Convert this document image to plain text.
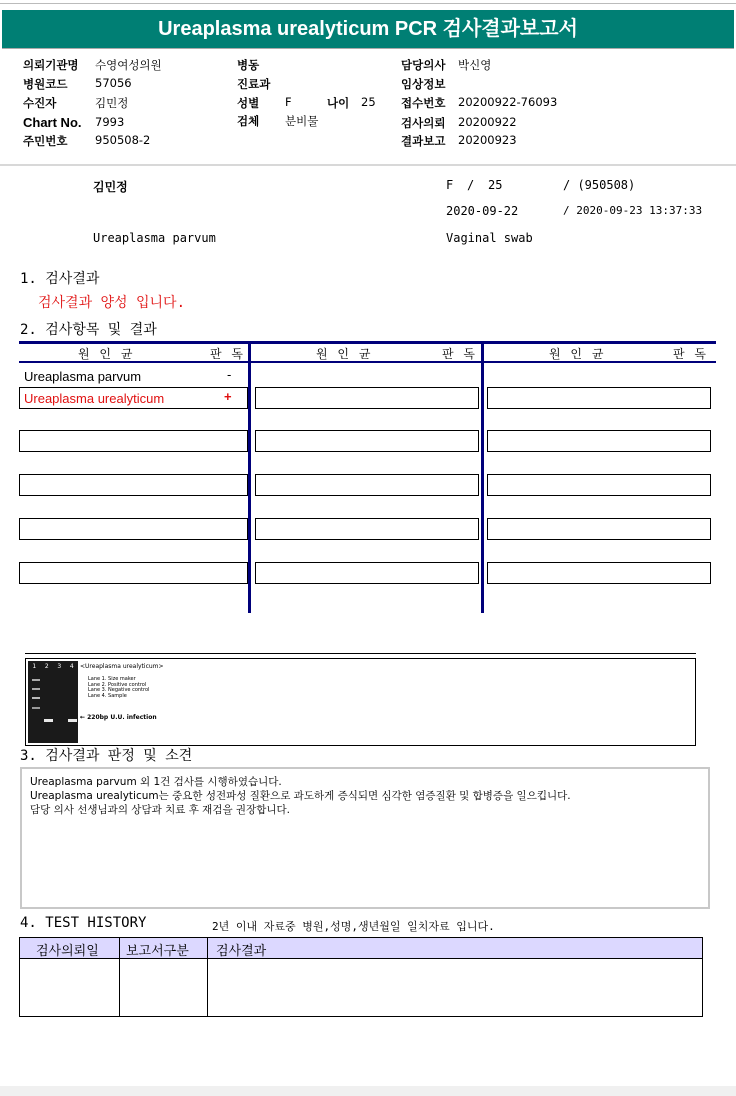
Ureaplasma urealyticum PCR 검사결과보고서
의뢰기관명 수영여성의원
병원코드 57056
수진자	김민정
Chart No. 7993
주민번호 950508-2
병동
진료과
성별 F	나이 25
검체 분비물
담당의사 박신영
임상정보
접수번호 20200922-76093
검사의뢰 20200922
결과보고 20200923
김민정	F / 25	/ (950508)
2020-09-22	/ 2020-09-23 13:37:33
Ureaplasma parvum	Vaginal swab
1. 검사결과
검사결과 양성 입니다.
2. 검사항목 및 결과
원 인 균	판 독	원 인 균	판 독	원 인 균	판 독
Ureaplasma parvum	-
Ureaplasma urealyticum	+
1 2 3 4 <Ureaplasma urealyticum>
Lane 1. Size maker
Lane 2. Positive control
Lane 3. Negative control
Lane 4. Sample
← 220bp U.U. infection
3. 검사결과 판정 및 소견
Ureaplasma parvum 외 1건 검사를 시행하였습니다.
Ureaplasma urealyticum는 중요한 성전파성 질환으로 과도하게 증식되면 심각한 염증질환 및 합병증을 일으킵니다.
담당 의사 선생님과의 상담과 치료 후 재검을 권장합니다.
4. TEST HISTORY	2년 이내 자료중 병원,성명,생년월일 일치자료 입니다.
검사의뢰일 보고서구분 검사결과
